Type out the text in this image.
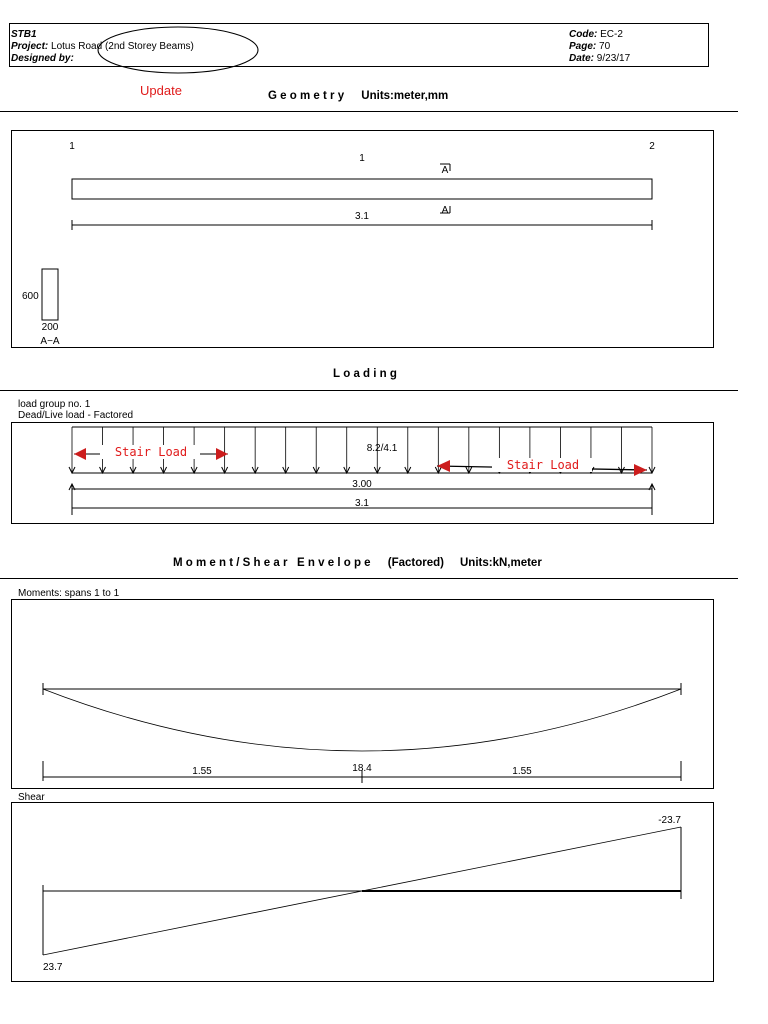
STB1
Project: Lotus Road (2nd Storey Beams)
Designed by:
Code: EC-2
Page: 70
Date: 9/23/17
Update	Geometry Units:meter,mm
1	2
1
A
A
3.1
600
200
A−A
Loading
load group no. 1
Dead/Live load - Factored
8.2/4.1
3.00
3.1
Stair Load
Stair Load
Moment/Shear Envelope (Factored) Units:kN,meter
Moments: spans 1 to 1
1.55	18.4	1.55
Shear
23.7
-23.7
